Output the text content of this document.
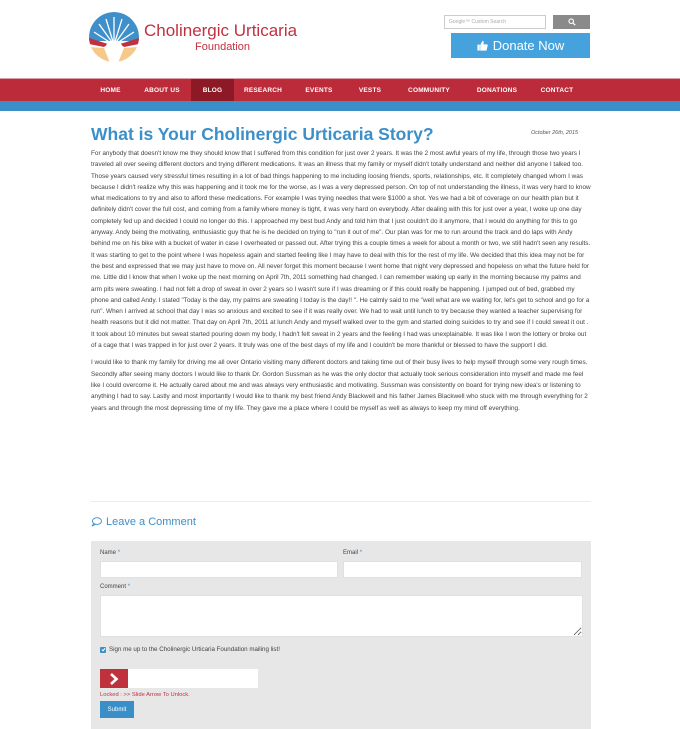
Cholinergic Urticaria
Foundation
Google™ Custom Search	Donate Now
HOME	ABOUT US	BLOG	RESEARCH	EVENTS	VESTS	COMMUNITY	DONATIONS	CONTACT
What is Your Cholinergic Urticaria Story?	October 26th, 2015

For anybody that doesn't know me they should know that I suffered from this condition for just over 2 years. It was the 2 most awful years of my life, through those two years I traveled all over seeing different doctors and trying different medications. It was an illness that my family or myself didn't totally understand and neither did anyone I talked too. Those years caused very stressful times resulting in a lot of bad things happening to me including loosing friends, sports, relationships, etc. It completely changed whom I was because I didn't realize why this was happening and it took me for the worse, as I was a very depressed person. On top of not understanding the illness, it was very hard to know what medications to try and also to afford these medications. For example I was trying needles that were $1000 a shot. Yes we had a bit of coverage on our health plan but it definitely didn't cover the full cost, and coming from a family where money is tight, it was very hard on everybody. After dealing with this for just over a year, I woke up one day completely fed up and decided I could no longer do this. I approached my best bud Andy and told him that I just couldn't do it anymore, that I would do anything for this to go anyway. Andy being the motivating, enthusiastic guy that he is he decided on trying to "run it out of me". Our plan was for me to run around the track and do laps with Andy behind me on his bike with a bucket of water in case I overheated or passed out. After trying this a couple times a week for about a month or two, we still hadn't seen any results. It was starting to get to the point where I was hopeless again and started feeling like I may have to deal with this for the rest of my life. We decided that this idea may not be for the best and expressed that we may just have to move on. All never forget this moment because I went home that night very depressed and hopeless on what the future held for me. Little did I know that when I woke up the next morning on April 7th, 2011 something had changed. I can remember waking up early in the morning because my palms and arm pits were sweating. I had not felt a drop of sweat in over 2 years so I wasn't sure if I was dreaming or if this could really be happening. I jumped out of bed, grabbed my phone and called Andy. I stated "Today is the day, my palms are sweating I today is the day!! ". He calmly said to me "well what are we waiting for, let's get to school and go for a run". When I arrived at school that day I was so anxious and excited to see if it was really over. We had to wait until lunch to try because they wanted a teacher supervising for health reasons but it did not matter. That day on April 7th, 2011 at lunch Andy and myself walked over to the gym and started doing suicides to try and see if I could sweat it out . It took about 10 minutes but sweat started pouring down my body, I hadn't felt sweat in 2 years and the feeling I had was unexplainable. It was like I won the lottery or broke out of a cage that I was trapped in for just over 2 years. It truly was one of the best days of my life and I couldn't be more thankful or blessed to have the support I did.

I would like to thank my family for driving me all over Ontario visiting many different doctors and taking time out of their busy lives to help myself through some very rough times. Secondly after seeing many doctors I would like to thank Dr. Gordon Sussman as he was the only doctor that actually took serious consideration into myself and made me feel like I could overcome it. He actually cared about me and was always very enthusiastic and motivating. Sussman was consistently on board for trying new idea's or listening to anything I had to say. Lastly and most importantly I would like to thank my best friend Andy Blackwell and his father James Blackwell who stuck with me through everything for 2 years and through the most depressing time of my life. They gave me a place where I could be myself as well as always to keep my mind off everything.

Leave a Comment
Name *	Email *
Comment *
Sign me up to the Cholinergic Urticaria Foundation mailing list!
Locked : >> Slide Arrow To Unlock.
Submit
